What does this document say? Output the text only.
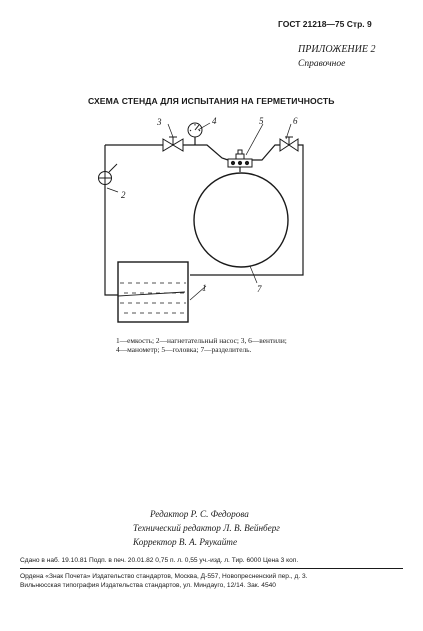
ГОСТ 21218—75 Стр. 9
ПРИЛОЖЕНИЕ 2
Справочное
СХЕМА СТЕНДА ДЛЯ ИСПЫТАНИЯ НА ГЕРМЕТИЧНОСТЬ
1
2
3	4	5	6
7
1—емкость; 2—нагнетательный насос; 3, 6—вентили;
4—манометр; 5—головка; 7—разделитель.
Редактор Р. С. Федорова
Технический редактор Л. В. Вейнберг
Корректор В. А. Ряукайте
Сдано в наб. 19.10.81 Подп. в печ. 20.01.82 0,75 п. л. 0,55 уч.-изд. л. Тир. 6000 Цена 3 коп.
Ордена «Знак Почета» Издательство стандартов, Москва, Д-557, Новопресненский пер., д. 3.
Вильнюсская типография Издательства стандартов, ул. Миндауго, 12/14. Зак. 4540
